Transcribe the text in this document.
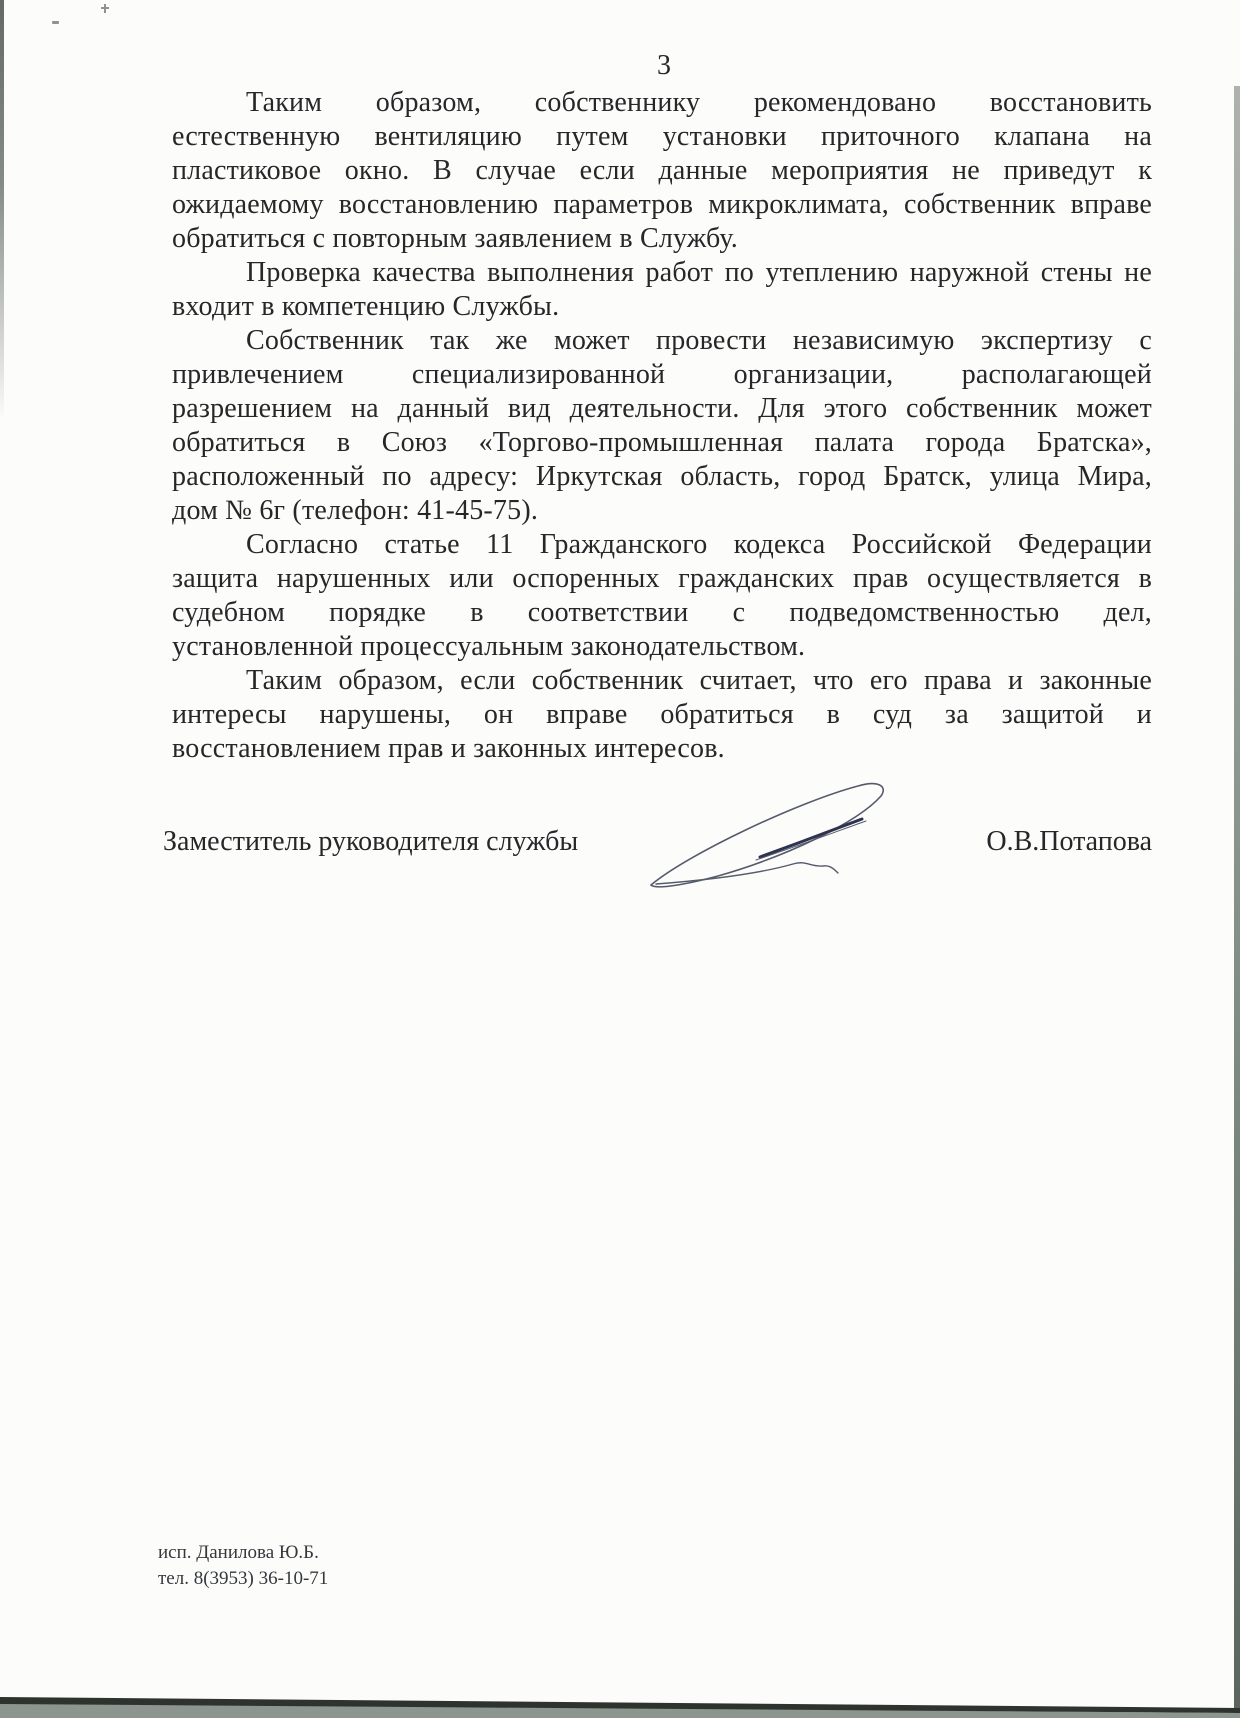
3
Таким образом, собственнику рекомендовано восстановить
естественную вентиляцию путем установки приточного клапана на
пластиковое окно. В случае если данные мероприятия не приведут к
ожидаемому восстановлению параметров микроклимата, собственник вправе
обратиться с повторным заявлением в Службу.
Проверка качества выполнения работ по утеплению наружной стены не
входит в компетенцию Службы.
Собственник так же может провести независимую экспертизу с
привлечением специализированной организации, располагающей
разрешением на данный вид деятельности. Для этого собственник может
обратиться в Союз «Торгово-промышленная палата города Братска»,
расположенный по адресу: Иркутская область, город Братск, улица Мира,
дом № 6г (телефон: 41-45-75).
Согласно статье 11 Гражданского кодекса Российской Федерации
защита нарушенных или оспоренных гражданских прав осуществляется в
судебном порядке в соответствии с подведомственностью дел,
установленной процессуальным законодательством.
Таким образом, если собственник считает, что его права и законные
интересы нарушены, он вправе обратиться в суд за защитой и
восстановлением прав и законных интересов.
Заместитель руководителя службы	О.В.Потапова
исп. Данилова Ю.Б.
тел. 8(3953) 36-10-71
